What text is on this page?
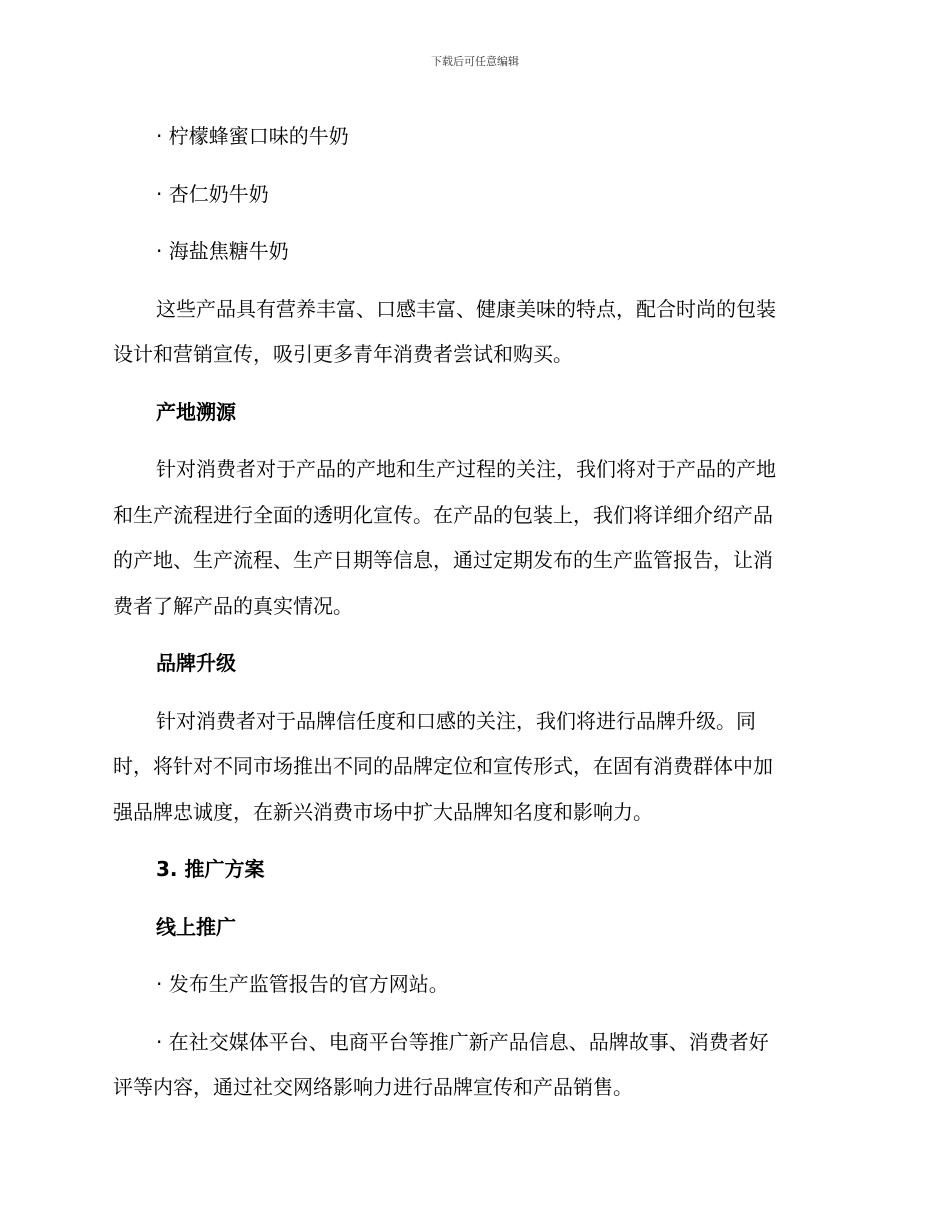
下载后可任意编辑

· 柠檬蜂蜜口味的牛奶

· 杏仁奶牛奶

· 海盐焦糖牛奶

这些产品具有营养丰富、口感丰富、健康美味的特点，配合时尚的包装

设计和营销宣传，吸引更多青年消费者尝试和购买。

产地溯源

针对消费者对于产品的产地和生产过程的关注，我们将对于产品的产地

和生产流程进行全面的透明化宣传。在产品的包装上，我们将详细介绍产品

的产地、生产流程、生产日期等信息，通过定期发布的生产监管报告，让消

费者了解产品的真实情况。

品牌升级

针对消费者对于品牌信任度和口感的关注，我们将进行品牌升级。同

时，将针对不同市场推出不同的品牌定位和宣传形式，在固有消费群体中加

强品牌忠诚度，在新兴消费市场中扩大品牌知名度和影响力。

3. 推广方案

线上推广

· 发布生产监管报告的官方网站。

· 在社交媒体平台、电商平台等推广新产品信息、品牌故事、消费者好

评等内容，通过社交网络影响力进行品牌宣传和产品销售。
